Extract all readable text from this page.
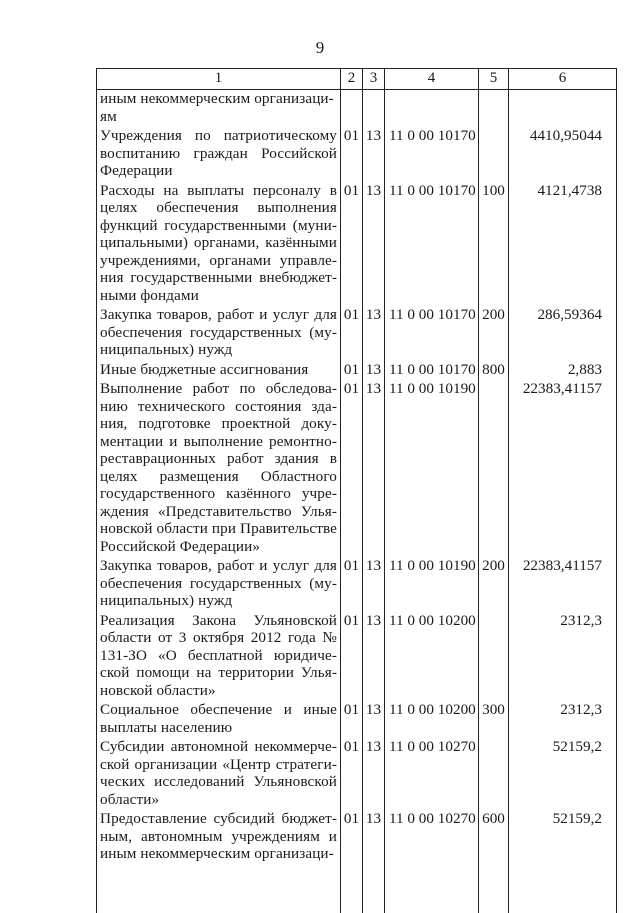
9
1	2	3	4	5	6
иным некоммерческим организаци-
ям					
Учреждения по патриотическому воспитанию граждан Российской Федерации	01	13	11 0 00 10170		4410,95044
Расходы на выплаты персоналу в целях обеспечения выполнения функций государственными (муни-ципальными) органами, казёнными учреждениями, органами управле-ния государственными внебюджет-ными фондами	01	13	11 0 00 10170	100	4121,4738
Закупка товаров, работ и услуг для обеспечения государственных (му-ниципальных) нужд	01	13	11 0 00 10170	200	286,59364
Иные бюджетные ассигнования	01	13	11 0 00 10170	800	2,883
Выполнение работ по обследова-нию технического состояния зда-ния, подготовке проектной доку-ментации и выполнение ремонтно-реставрационных работ здания в целях размещения Областного государственного казённого учре-ждения «Представительство Улья-новской области при Правительстве Российской Федерации»	01	13	11 0 00 10190		22383,41157
Закупка товаров, работ и услуг для обеспечения государственных (му-ниципальных) нужд	01	13	11 0 00 10190	200	22383,41157
Реализация Закона Ульяновской области от 3 октября 2012 года № 131-ЗО «О бесплатной юридиче-ской помощи на территории Улья-новской области»	01	13	11 0 00 10200		2312,3
Социальное обеспечение и иные выплаты населению	01	13	11 0 00 10200	300	2312,3
Субсидии автономной некоммерче-ской организации «Центр стратеги-ческих исследований Ульяновской области»	01	13	11 0 00 10270		52159,2
Предоставление субсидий бюджет-ным, автономным учреждениям и иным некоммерческим организаци-	01	13	11 0 00 10270	600	52159,2
